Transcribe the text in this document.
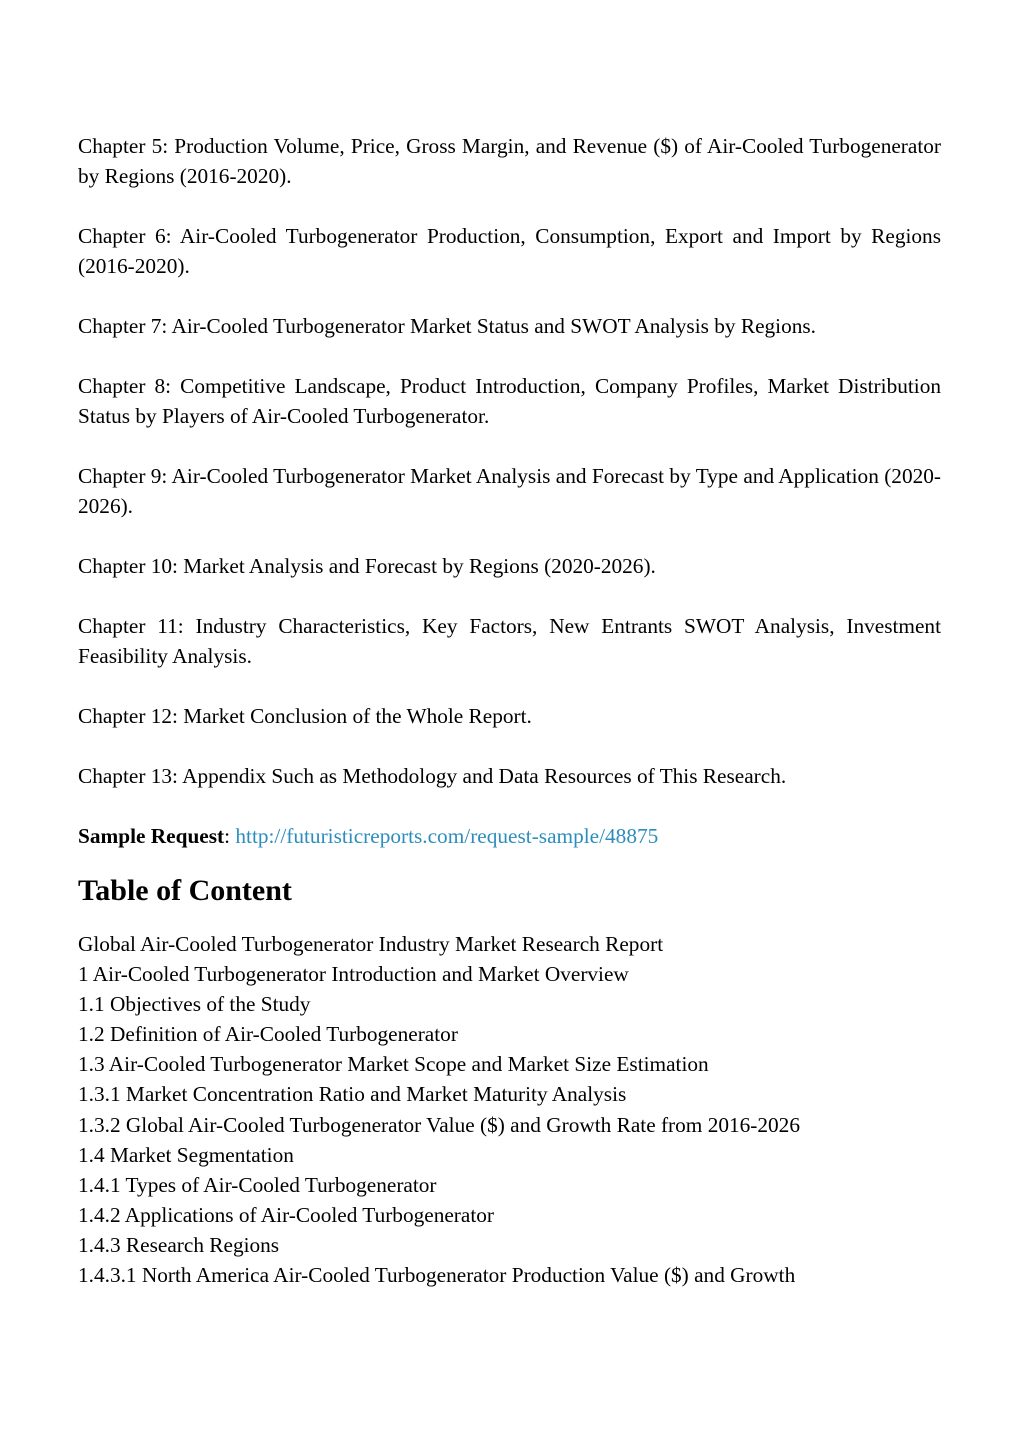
Chapter 5: Production Volume, Price, Gross Margin, and Revenue ($) of Air-Cooled Turbogenerator by Regions (2016-2020).

Chapter 6: Air-Cooled Turbogenerator Production, Consumption, Export and Import by Regions (2016-2020).

Chapter 7: Air-Cooled Turbogenerator Market Status and SWOT Analysis by Regions.

Chapter 8: Competitive Landscape, Product Introduction, Company Profiles, Market Distribution Status by Players of Air-Cooled Turbogenerator.

Chapter 9: Air-Cooled Turbogenerator Market Analysis and Forecast by Type and Application (2020-2026).

Chapter 10: Market Analysis and Forecast by Regions (2020-2026).

Chapter 11: Industry Characteristics, Key Factors, New Entrants SWOT Analysis, Investment Feasibility Analysis.

Chapter 12: Market Conclusion of the Whole Report.

Chapter 13: Appendix Such as Methodology and Data Resources of This Research.

Sample Request: http://futuristicreports.com/request-sample/48875

Table of Content
Global Air-Cooled Turbogenerator Industry Market Research Report
1 Air-Cooled Turbogenerator Introduction and Market Overview
1.1 Objectives of the Study
1.2 Definition of Air-Cooled Turbogenerator
1.3 Air-Cooled Turbogenerator Market Scope and Market Size Estimation
1.3.1 Market Concentration Ratio and Market Maturity Analysis
1.3.2 Global Air-Cooled Turbogenerator Value ($) and Growth Rate from 2016-2026
1.4 Market Segmentation
1.4.1 Types of Air-Cooled Turbogenerator
1.4.2 Applications of Air-Cooled Turbogenerator
1.4.3 Research Regions
1.4.3.1 North America Air-Cooled Turbogenerator Production Value ($) and Growth
